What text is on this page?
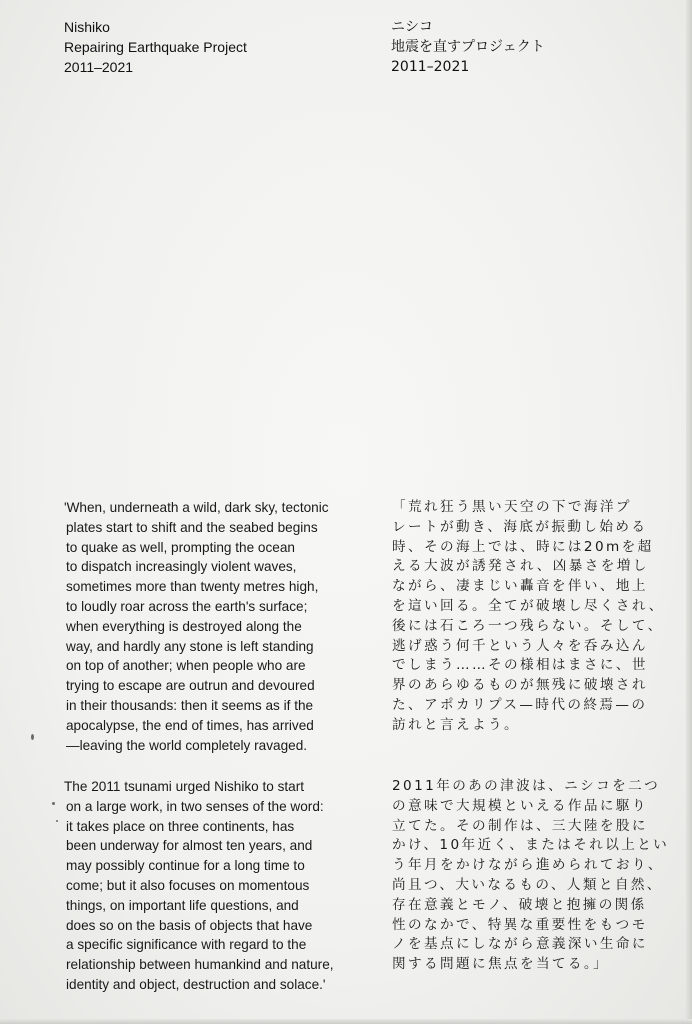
Nishiko
Repairing Earthquake Project
2011–2021
ニシコ
地震を直すプロジェクト
2011–2021
'When, underneath a wild, dark sky, tectonic
plates start to shift and the seabed begins
to quake as well, prompting the ocean
to dispatch increasingly violent waves,
sometimes more than twenty metres high,
to loudly roar across the earth's surface;
when everything is destroyed along the
way, and hardly any stone is left standing
on top of another; when people who are
trying to escape are outrun and devoured
in their thousands: then it seems as if the
apocalypse, the end of times, has arrived
—leaving the world completely ravaged.
The 2011 tsunami urged Nishiko to start
on a large work, in two senses of the word:
it takes place on three continents, has
been underway for almost ten years, and
may possibly continue for a long time to
come; but it also focuses on momentous
things, on important life questions, and
does so on the basis of objects that have
a specific significance with regard to the
relationship between humankind and nature,
identity and object, destruction and solace.'
「荒れ狂う黒い天空の下で海洋プ
レートが動き、海底が振動し始める
時、その海上では、時には20mを超
える大波が誘発され、凶暴さを増し
ながら、凄まじい轟音を伴い、地上
を這い回る。全てが破壊し尽くされ、
後には石ころ一つ残らない。そして、
逃げ惑う何千という人々を呑み込ん
でしまう……その様相はまさに、世
界のあらゆるものが無残に破壊され
た、アポカリプス—時代の終焉—の
訪れと言えよう。
2011年のあの津波は、ニシコを二つ
の意味で大規模といえる作品に駆り
立てた。その制作は、三大陸を股に
かけ、10年近く、またはそれ以上とい
う年月をかけながら進められており、
尚且つ、大いなるもの、人類と自然、
存在意義とモノ、破壊と抱擁の関係
性のなかで、特異な重要性をもつモ
ノを基点にしながら意義深い生命に
関する問題に焦点を当てる。」
